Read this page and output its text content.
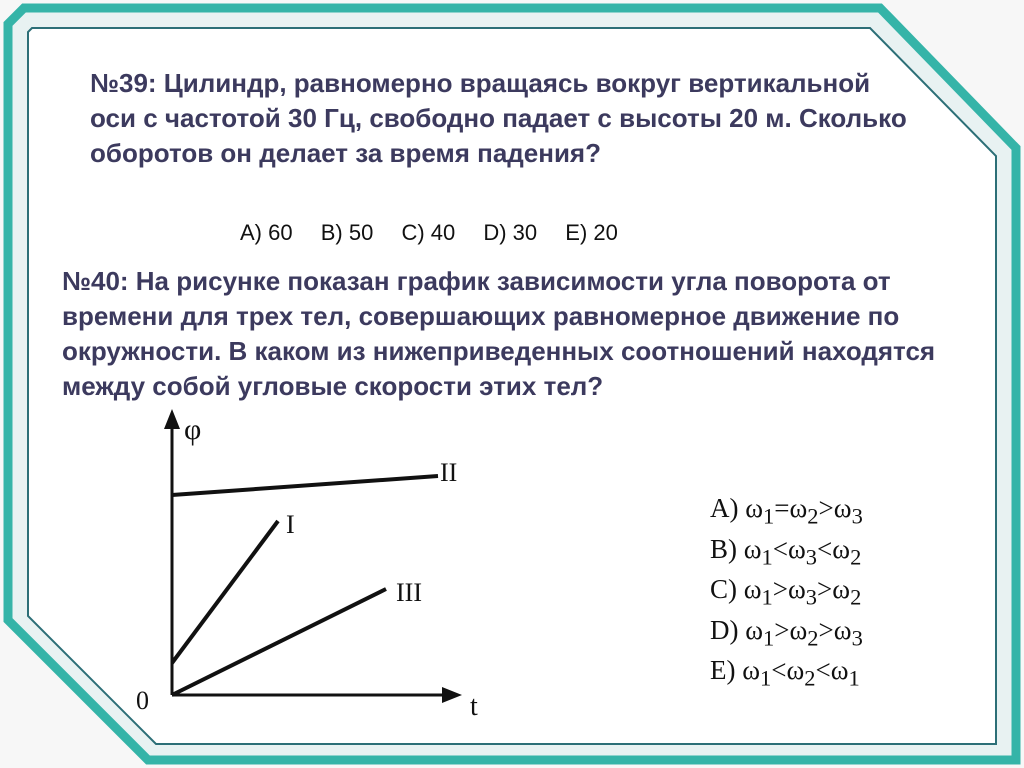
№39: Цилиндр, равномерно вращаясь вокруг вертикальной оси с частотой 30 Гц, свободно падает с высоты 20 м. Сколько оборотов он делает за время падения?
A) 60 B) 50 C) 40 D) 30 E) 20
№40: На рисунке показан график зависимости угла поворота от времени для трех тел, совершающих равномерное движение по окружности. В каком из нижеприведенных соотношений находятся между собой угловые скорости этих тел?
φ
t
0
I
II
III
A) $\omega_1=\omega_2>\omega_3$
B) $\omega_1<\omega_3<\omega_2$
C) $\omega_1>\omega_3>\omega_2$
D) $\omega_1>\omega_2>\omega_3$
E) $\omega_1<\omega_2<\omega_1$
